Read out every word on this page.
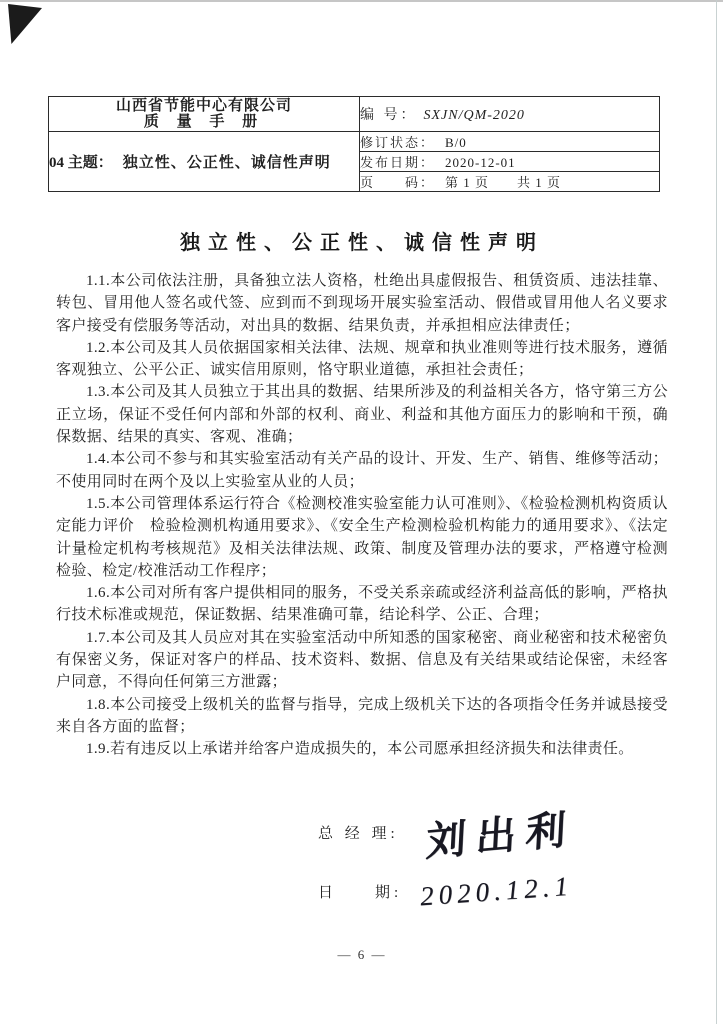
山西省节能中心有限公司
质 量 手 册	编 号： SXJN/QM-2020
04 主题： 独立性、公正性、诚信性声明	修订状态： B/0
	发布日期： 2020-12-01
	页　　码： 第 1 页　　共 1 页
独立性、公正性、诚信性声明

1.1.本公司依法注册，具备独立法人资格，杜绝出具虚假报告、租赁资质、违法挂靠、转包、冒用他人签名或代签、应到而不到现场开展实验室活动、假借或冒用他人名义要求客户接受有偿服务等活动，对出具的数据、结果负责，并承担相应法律责任；

1.2.本公司及其人员依据国家相关法律、法规、规章和执业准则等进行技术服务，遵循客观独立、公平公正、诚实信用原则，恪守职业道德，承担社会责任；

1.3.本公司及其人员独立于其出具的数据、结果所涉及的利益相关各方，恪守第三方公正立场，保证不受任何内部和外部的权利、商业、利益和其他方面压力的影响和干预，确保数据、结果的真实、客观、准确；

1.4.本公司不参与和其实验室活动有关产品的设计、开发、生产、销售、维修等活动；不使用同时在两个及以上实验室从业的人员；

1.5.本公司管理体系运行符合《检测校准实验室能力认可准则》、《检验检测机构资质认定能力评价　检验检测机构通用要求》、《安全生产检测检验机构能力的通用要求》、《法定计量检定机构考核规范》及相关法律法规、政策、制度及管理办法的要求，严格遵守检测检验、检定/校准活动工作程序；

1.6.本公司对所有客户提供相同的服务，不受关系亲疏或经济利益高低的影响，严格执行技术标准或规范，保证数据、结果准确可靠，结论科学、公正、合理；

1.7.本公司及其人员应对其在实验室活动中所知悉的国家秘密、商业秘密和技术秘密负有保密义务，保证对客户的样品、技术资料、数据、信息及有关结果或结论保密，未经客户同意，不得向任何第三方泄露；

1.8.本公司接受上级机关的监督与指导，完成上级机关下达的各项指令任务并诚恳接受来自各方面的监督；

1.9.若有违反以上承诺并给客户造成损失的，本公司愿承担经济损失和法律责任。

总 经 理: 刘出利
日　　期: 2020.12.1
— 6 —
